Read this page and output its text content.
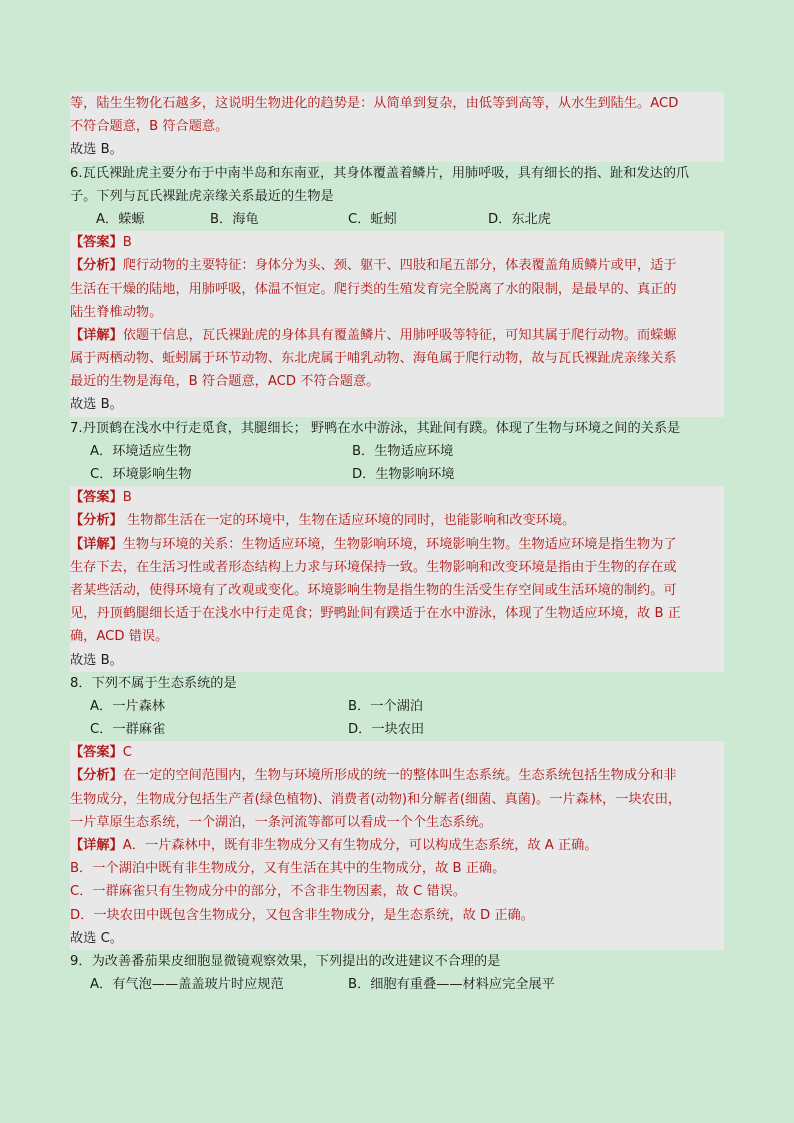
等，陆生生物化石越多，这说明生物进化的趋势是：从简单到复杂，由低等到高等，从水生到陆生。ACD
不符合题意，B 符合题意。
故选 B。
6.瓦氏裸趾虎主要分布于中南半岛和东南亚，其身体覆盖着鳞片，用肺呼吸，具有细长的指、趾和发达的爪
子。下列与瓦氏裸趾虎亲缘关系最近的生物是
A．蝾螈	B．海龟	C．蚯蚓	D．东北虎
【答案】B
【分析】爬行动物的主要特征：身体分为头、颈、躯干、四肢和尾五部分，体表覆盖角质鳞片或甲，适于
生活在干燥的陆地，用肺呼吸，体温不恒定。爬行类的生殖发育完全脱离了水的限制，是最早的、真正的
陆生脊椎动物。
【详解】依题干信息，瓦氏裸趾虎的身体具有覆盖鳞片、用肺呼吸等特征，可知其属于爬行动物。而蝾螈
属于两栖动物、蚯蚓属于环节动物、东北虎属于哺乳动物、海龟属于爬行动物，故与瓦氏裸趾虎亲缘关系
最近的生物是海龟，B 符合题意，ACD 不符合题意。
故选 B。
7.丹顶鹤在浅水中行走觅食，其腿细长； 野鸭在水中游泳，其趾间有蹼。体现了生物与环境之间的关系是
A．环境适应生物	B．生物适应环境
C．环境影响生物	D．生物影响环境
【答案】B
【分析】 生物都生活在一定的环境中，生物在适应环境的同时，也能影响和改变环境。
【详解】生物与环境的关系：生物适应环境，生物影响环境，环境影响生物。生物适应环境是指生物为了
生存下去，在生活习性或者形态结构上力求与环境保持一致。生物影响和改变环境是指由于生物的存在或
者某些活动，使得环境有了改观或变化。环境影响生物是指生物的生活受生存空间或生活环境的制约。可
见，丹顶鹤腿细长适于在浅水中行走觅食；野鸭趾间有蹼适于在水中游泳，体现了生物适应环境，故 B 正
确，ACD 错误。
故选 B。
8．下列不属于生态系统的是
A．一片森林	B．一个湖泊
C．一群麻雀	D．一块农田
【答案】C
【分析】在一定的空间范围内，生物与环境所形成的统一的整体叫生态系统。生态系统包括生物成分和非
生物成分，生物成分包括生产者(绿色植物)、消费者(动物)和分解者(细菌、真菌)。一片森林，一块农田，
一片草原生态系统，一个湖泊，一条河流等都可以看成一个个生态系统。
【详解】A．一片森林中，既有非生物成分又有生物成分，可以构成生态系统，故 A 正确。
B．一个湖泊中既有非生物成分，又有生活在其中的生物成分，故 B 正确。
C．一群麻雀只有生物成分中的部分，不含非生物因素，故 C 错误。
D．一块农田中既包含生物成分，又包含非生物成分，是生态系统，故 D 正确。
故选 C。
9．为改善番茄果皮细胞显微镜观察效果，下列提出的改进建议不合理的是
A．有气泡——盖盖玻片时应规范	B．细胞有重叠——材料应完全展平
